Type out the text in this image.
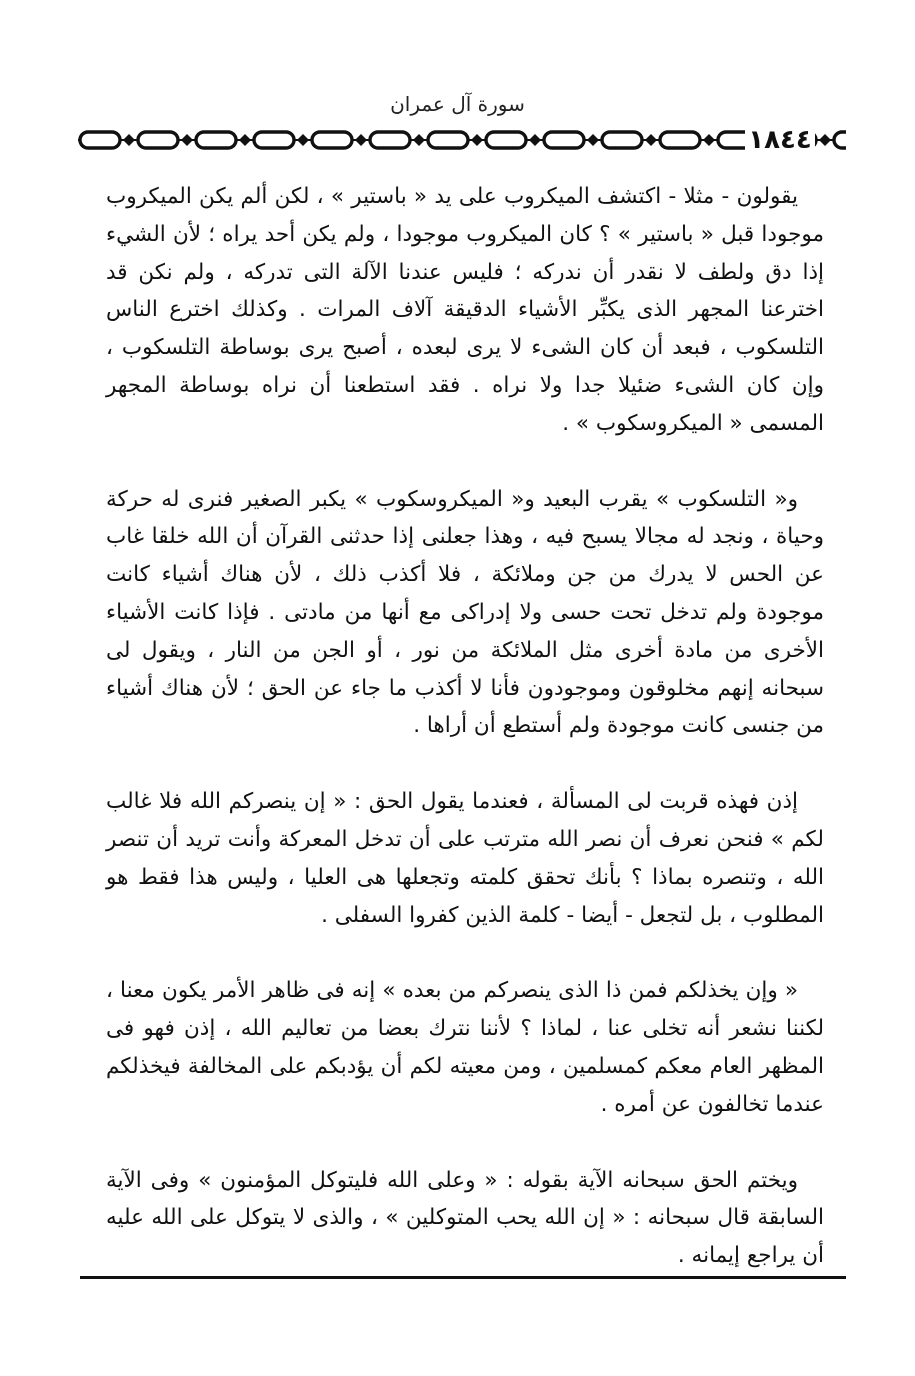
سورة آل عمران
١٨٤٤

يقولون - مثلا - اكتشف الميكروب على يد « باستير » ، لكن ألم يكن الميكروب موجودا قبل « باستير » ؟ كان الميكروب موجودا ، ولم يكن أحد يراه ؛ لأن الشيء إذا دق ولطف لا نقدر أن ندركه ؛ فليس عندنا الآلة التى تدركه ، ولم نكن قد اخترعنا المجهر الذى يكبِّر الأشياء الدقيقة آلاف المرات . وكذلك اخترع الناس التلسكوب ، فبعد أن كان الشىء لا يرى لبعده ، أصبح يرى بوساطة التلسكوب ، وإن كان الشىء ضئيلا جدا ولا نراه . فقد استطعنا أن نراه بوساطة المجهر المسمى « الميكروسكوب » .

و« التلسكوب » يقرب البعيد و« الميكروسكوب » يكبر الصغير فنرى له حركة وحياة ، ونجد له مجالا يسبح فيه ، وهذا جعلنى إذا حدثنى القرآن أن الله خلقا غاب عن الحس لا يدرك من جن وملائكة ، فلا أكذب ذلك ، لأن هناك أشياء كانت موجودة ولم تدخل تحت حسى ولا إدراكى مع أنها من مادتى . فإذا كانت الأشياء الأخرى من مادة أخرى مثل الملائكة من نور ، أو الجن من النار ، ويقول لى سبحانه إنهم مخلوقون وموجودون فأنا لا أكذب ما جاء عن الحق ؛ لأن هناك أشياء من جنسى كانت موجودة ولم أستطع أن أراها .

إذن فهذه قربت لى المسألة ، فعندما يقول الحق : « إن ينصركم الله فلا غالب لكم » فنحن نعرف أن نصر الله مترتب على أن تدخل المعركة وأنت تريد أن تنصر الله ، وتنصره بماذا ؟ بأنك تحقق كلمته وتجعلها هى العليا ، وليس هذا فقط هو المطلوب ، بل لتجعل - أيضا - كلمة الذين كفروا السفلى .

« وإن يخذلكم فمن ذا الذى ينصركم من بعده » إنه فى ظاهر الأمر يكون معنا ، لكننا نشعر أنه تخلى عنا ، لماذا ؟ لأننا نترك بعضا من تعاليم الله ، إذن فهو فى المظهر العام معكم كمسلمين ، ومن معيته لكم أن يؤدبكم على المخالفة فيخذلكم عندما تخالفون عن أمره .

ويختم الحق سبحانه الآية بقوله : « وعلى الله فليتوكل المؤمنون » وفى الآية السابقة قال سبحانه : « إن الله يحب المتوكلين » ، والذى لا يتوكل على الله عليه أن يراجع إيمانه .
